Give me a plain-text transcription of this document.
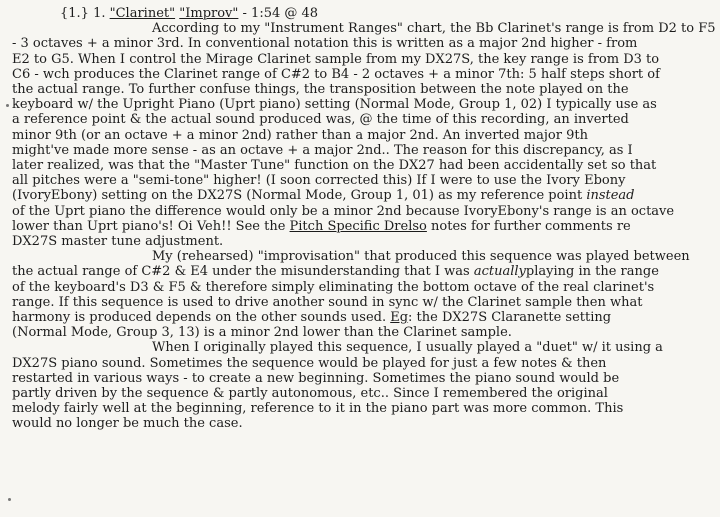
{1.} 1. "Clarinet" "Improv" - 1:54 @ 48

According to my "Instrument Ranges" chart, the Bb Clarinet's range is from D2 to F5
- 3 octaves + a minor 3rd. In conventional notation this is written as a major 2nd higher - from
E2 to G5. When I control the Mirage Clarinet sample from my DX27S, the key range is from D3 to
C6 - wch produces the Clarinet range of C#2 to B4 - 2 octaves + a minor 7th: 5 half steps short of
the actual range. To further confuse things, the transposition between the note played on the
keyboard w/ the Upright Piano (Uprt piano) setting (Normal Mode, Group 1, 02) I typically use as
a reference point & the actual sound produced was, @ the time of this recording, an inverted
minor 9th (or an octave + a minor 2nd) rather than a major 2nd. An inverted major 9th
might've made more sense - as an octave + a major 2nd.. The reason for this discrepancy, as I
later realized, was that the "Master Tune" function on the DX27 had been accidentally set so that
all pitches were a "semi-tone" higher! (I soon corrected this) If I were to use the Ivory Ebony
(IvoryEbony) setting on the DX27S (Normal Mode, Group 1, 01) as my reference point instead
of the Uprt piano the difference would only be a minor 2nd because IvoryEbony's range is an octave
lower than Uprt piano's! Oi Veh!! See the Pitch Specific Drelso notes for further comments re
DX27S master tune adjustment.

My (rehearsed) "improvisation" that produced this sequence was played between
the actual range of C#2 & E4 under the misunderstanding that I was actuallyplaying in the range
of the keyboard's D3 & F5 & therefore simply eliminating the bottom octave of the real clarinet's
range. If this sequence is used to drive another sound in sync w/ the Clarinet sample then what
harmony is produced depends on the other sounds used. Eg: the DX27S Claranette setting
(Normal Mode, Group 3, 13) is a minor 2nd lower than the Clarinet sample.

When I originally played this sequence, I usually played a "duet" w/ it using a
DX27S piano sound. Sometimes the sequence would be played for just a few notes & then
restarted in various ways - to create a new beginning. Sometimes the piano sound would be
partly driven by the sequence & partly autonomous, etc.. Since I remembered the original
melody fairly well at the beginning, reference to it in the piano part was more common. This
would no longer be much the case.
